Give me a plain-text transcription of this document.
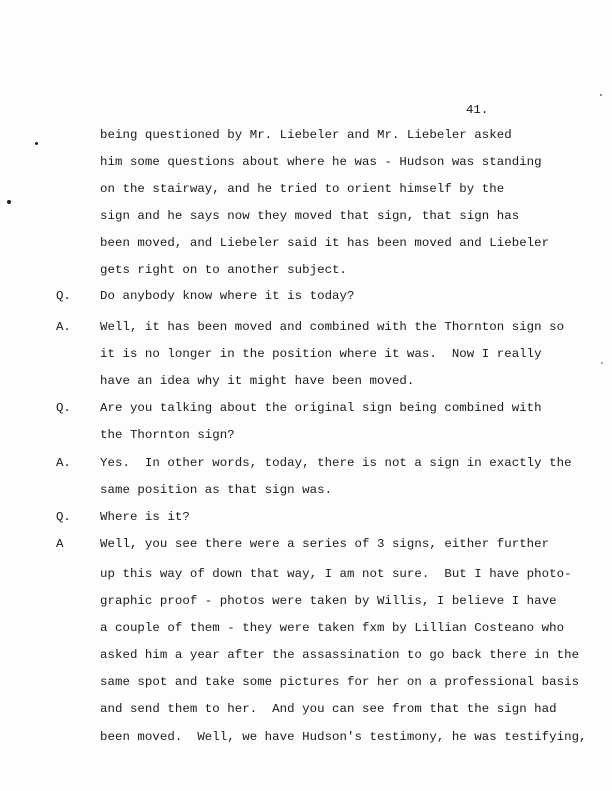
41.
Q.
A.
Q.
A.
Q.
A
being questioned by Mr. Liebeler and Mr. Liebeler asked
him some questions about where he was - Hudson was standing
on the stairway, and he tried to orient himself by the
sign and he says now they moved that sign, that sign has
been moved, and Liebeler said it has been moved and Liebeler
gets right on to another subject.
Do anybody know where it is today?
Well, it has been moved and combined with the Thornton sign so
it is no longer in the position where it was.  Now I really
have an idea why it might have been moved.
Are you talking about the original sign being combined with
the Thornton sign?
Yes.  In other words, today, there is not a sign in exactly the
same position as that sign was.
Where is it?
Well, you see there were a series of 3 signs, either further
up this way of down that way, I am not sure.  But I have photo-
graphic proof - photos were taken by Willis, I believe I have
a couple of them - they were taken fxm by Lillian Costeano who
asked him a year after the assassination to go back there in the
same spot and take some pictures for her on a professional basis
and send them to her.  And you can see from that the sign had
been moved.  Well, we have Hudson's testimony, he was testifying,
